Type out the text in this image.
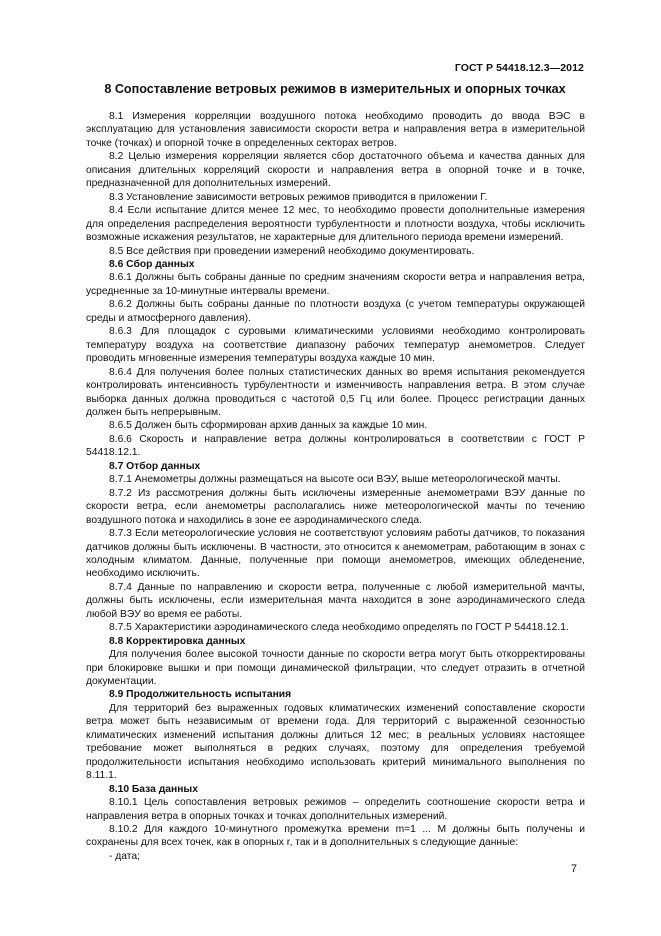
ГОСТ Р 54418.12.3—2012
8 Сопоставление ветровых режимов в измерительных и опорных точках

8.1 Измерения корреляции воздушного потока необходимо проводить до ввода ВЭС в эксплуатацию для установления зависимости скорости ветра и направления ветра в измерительной точке (точках) и опорной точке в определенных секторах ветров.

8.2 Целью измерения корреляции является сбор достаточного объема и качества данных для описания длительных корреляций скорости и направления ветра в опорной точке и в точке, предназначенной для дополнительных измерений.

8.3 Установление зависимости ветровых режимов приводится в приложении Г.

8.4 Если испытание длится менее 12 мес, то необходимо провести дополнительные измерения для определения распределения вероятности турбулентности и плотности воздуха, чтобы исключить возможные искажения результатов, не характерные для длительного периода времени измерений.

8.5 Все действия при проведении измерений необходимо документировать.

8.6 Сбор данных

8.6.1 Должны быть собраны данные по средним значениям скорости ветра и направления ветра, усредненные за 10-минутные интервалы времени.

8.6.2 Должны быть собраны данные по плотности воздуха (с учетом температуры окружающей среды и атмосферного давления).

8.6.3 Для площадок с суровыми климатическими условиями необходимо контролировать температуру воздуха на соответствие диапазону рабочих температур анемометров. Следует проводить мгновенные измерения температуры воздуха каждые 10 мин.

8.6.4 Для получения более полных статистических данных во время испытания рекомендуется контролировать интенсивность турбулентности и изменчивость направления ветра. В этом случае выборка данных должна проводиться с частотой 0,5 Гц или более. Процесс регистрации данных должен быть непрерывным.

8.6.5 Должен быть сформирован архив данных за каждые 10 мин.

8.6.6 Скорость и направление ветра должны контролироваться в соответствии с ГОСТ Р 54418.12.1.

8.7 Отбор данных

8.7.1 Анемометры должны размещаться на высоте оси ВЭУ, выше метеорологической мачты.

8.7.2 Из рассмотрения должны быть исключены измеренные анемометрами ВЭУ данные по скорости ветра, если анемометры располагались ниже метеорологической мачты по течению воздушного потока и находились в зоне ее аэродинамического следа.

8.7.3 Если метеорологические условия не соответствуют условиям работы датчиков, то показания датчиков должны быть исключены. В частности, это относится к анемометрам, работающим в зонах с холодным климатом. Данные, полученные при помощи анемометров, имеющих обледенение, необходимо исключить.

8.7.4 Данные по направлению и скорости ветра, полученные с любой измерительной мачты, должны быть исключены, если измерительная мачта находится в зоне аэродинамического следа любой ВЭУ во время ее работы.

8.7.5 Характеристики аэродинамического следа необходимо определять по ГОСТ Р 54418.12.1.

8.8 Корректировка данных

Для получения более высокой точности данные по скорости ветра могут быть откорректированы при блокировке вышки и при помощи динамической фильтрации, что следует отразить в отчетной документации.

8.9 Продолжительность испытания

Для территорий без выраженных годовых климатических изменений сопоставление скорости ветра может быть независимым от времени года. Для территорий с выраженной сезонностью климатических изменений испытания должны длиться 12 мес; в реальных условиях настоящее требование может выполняться в редких случаях, поэтому для определения требуемой продолжительности испытания необходимо использовать критерий минимального выполнения по 8.11.1.

8.10 База данных

8.10.1 Цель сопоставления ветровых режимов – определить соотношение скорости ветра и направления ветра в опорных точках и точках дополнительных измерений.

8.10.2 Для каждого 10-минутного промежутка времени m=1 ... M должны быть получены и сохранены для всех точек, как в опорных r, так и в дополнительных s следующие данные:

- дата;

7
